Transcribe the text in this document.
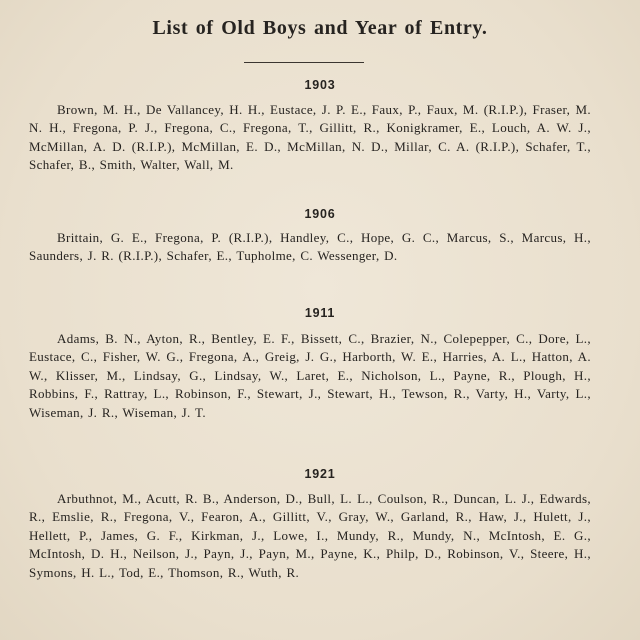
List of Old Boys and Year of Entry.
1903

Brown, M. H., De Vallancey, H. H., Eustace, J. P. E., Faux, P., Faux, M. (R.I.P.), Fraser, M. N. H., Fregona, P. J., Fregona, C., Fregona, T., Gillitt, R., Konigkramer, E., Louch, A. W. J., McMillan, A. D. (R.I.P.), McMillan, E. D., McMillan, N. D., Millar, C. A. (R.I.P.), Schafer, T., Schafer, B., Smith, Walter, Wall, M.

1906

Brittain, G. E., Fregona, P. (R.I.P.), Handley, C., Hope, G. C., Marcus, S., Marcus, H., Saunders, J. R. (R.I.P.), Schafer, E., Tupholme, C. Wessenger, D.

1911

Adams, B. N., Ayton, R., Bentley, E. F., Bissett, C., Brazier, N., Colepepper, C., Dore, L., Eustace, C., Fisher, W. G., Fregona, A., Greig, J. G., Harborth, W. E., Harries, A. L., Hatton, A. W., Klisser, M., Lindsay, G., Lindsay, W., Laret, E., Nicholson, L., Payne, R., Plough, H., Robbins, F., Rattray, L., Robinson, F., Stewart, J., Stewart, H., Tewson, R., Varty, H., Varty, L., Wiseman, J. R., Wiseman, J. T.

1921

Arbuthnot, M., Acutt, R. B., Anderson, D., Bull, L. L., Coulson, R., Duncan, L. J., Edwards, R., Emslie, R., Fregona, V., Fearon, A., Gillitt, V., Gray, W., Garland, R., Haw, J., Hulett, J., Hellett, P., James, G. F., Kirkman, J., Lowe, I., Mundy, R., Mundy, N., McIntosh, E. G., McIntosh, D. H., Neilson, J., Payn, J., Payn, M., Payne, K., Philp, D., Robinson, V., Steere, H., Symons, H. L., Tod, E., Thomson, R., Wuth, R.
